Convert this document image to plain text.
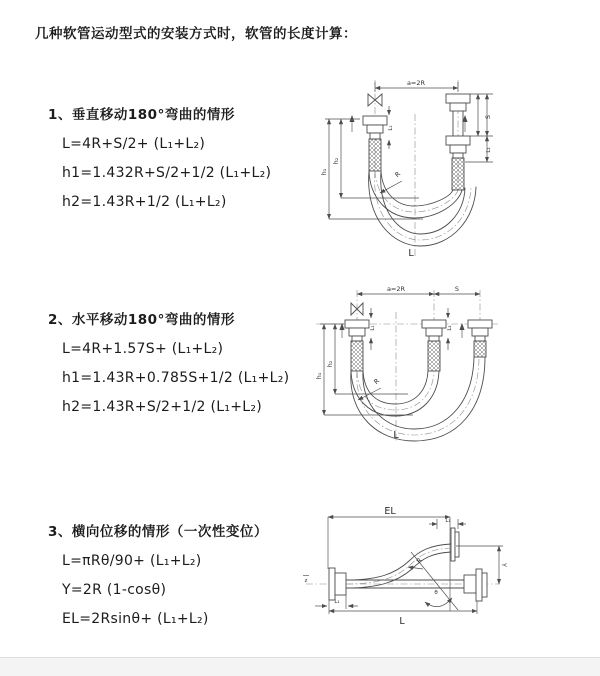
几种软管运动型式的安装方式时，软管的长度计算：
1、垂直移动180°弯曲的情形
L=4R+S/2+ (L₁+L₂)
h1=1.432R+S/2+1/2 (L₁+L₂)
h2=1.43R+1/2 (L₁+L₂)
2、水平移动180°弯曲的情形
L=4R+1.57S+ (L₁+L₂)
h1=1.43R+0.785S+1/2 (L₁+L₂)
h2=1.43R+S/2+1/2 (L₁+L₂)
3、横向位移的情形（一次性变位）
L=πRθ/90+ (L₁+L₂)
Y=2R (1-cosθ)
EL=2Rsinθ+ (L₁+L₂)
a=2R
L₁
S
L₂
h₁
h₂
R
L
a=2R	S
L₁	L₂
h₁
h₂
R
L
z
EL
L₁
Y
R
θ
L₁
L
